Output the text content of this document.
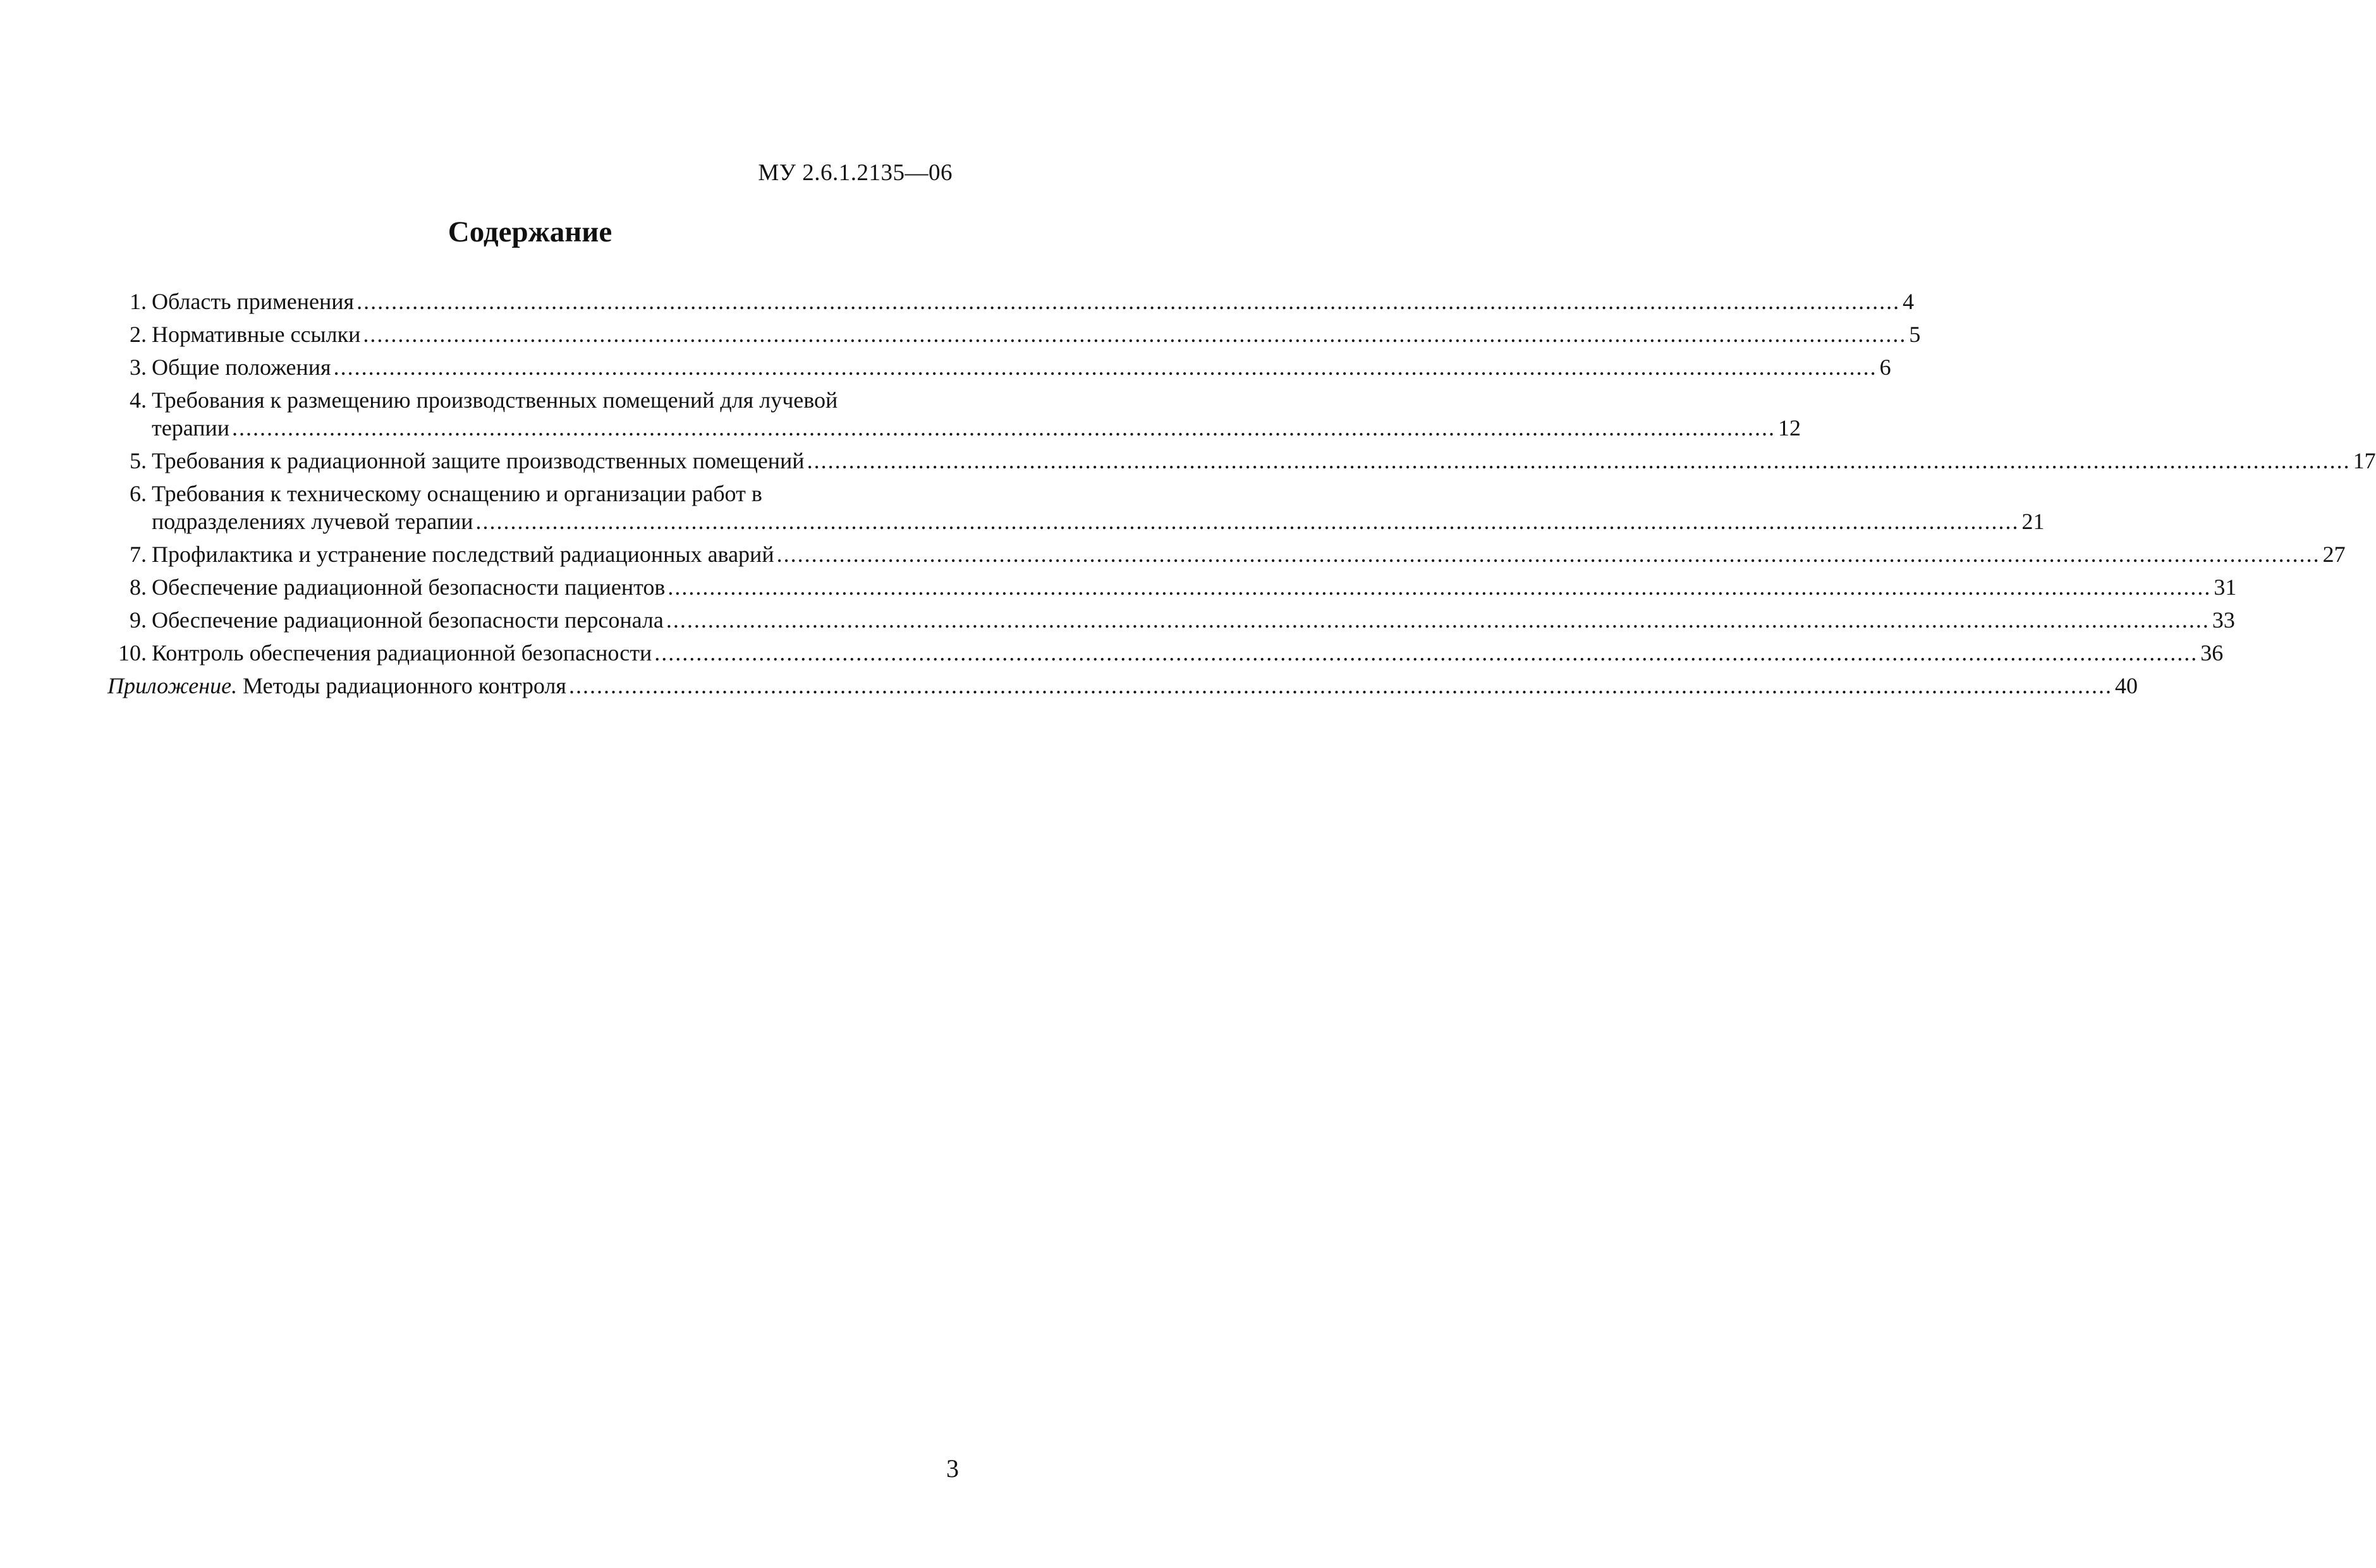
МУ 2.6.1.2135—06
Содержание
1. Область применения .....	4
2. Нормативные ссылки .....	5
3. Общие положения .....	6
4. Требования к размещению производственных помещений для лучевой
терапии .....	12
5. Требования к радиационной защите производственных помещений .....	17
6. Требования к техническому оснащению и организации работ в
подразделениях лучевой терапии .....	21
7. Профилактика и устранение последствий радиационных аварий .....	27
8. Обеспечение радиационной безопасности пациентов .....	31
9. Обеспечение радиационной безопасности персонала .....	33
10. Контроль обеспечения радиационной безопасности .....	36
Приложение. Методы радиационного контроля .....	40
3
